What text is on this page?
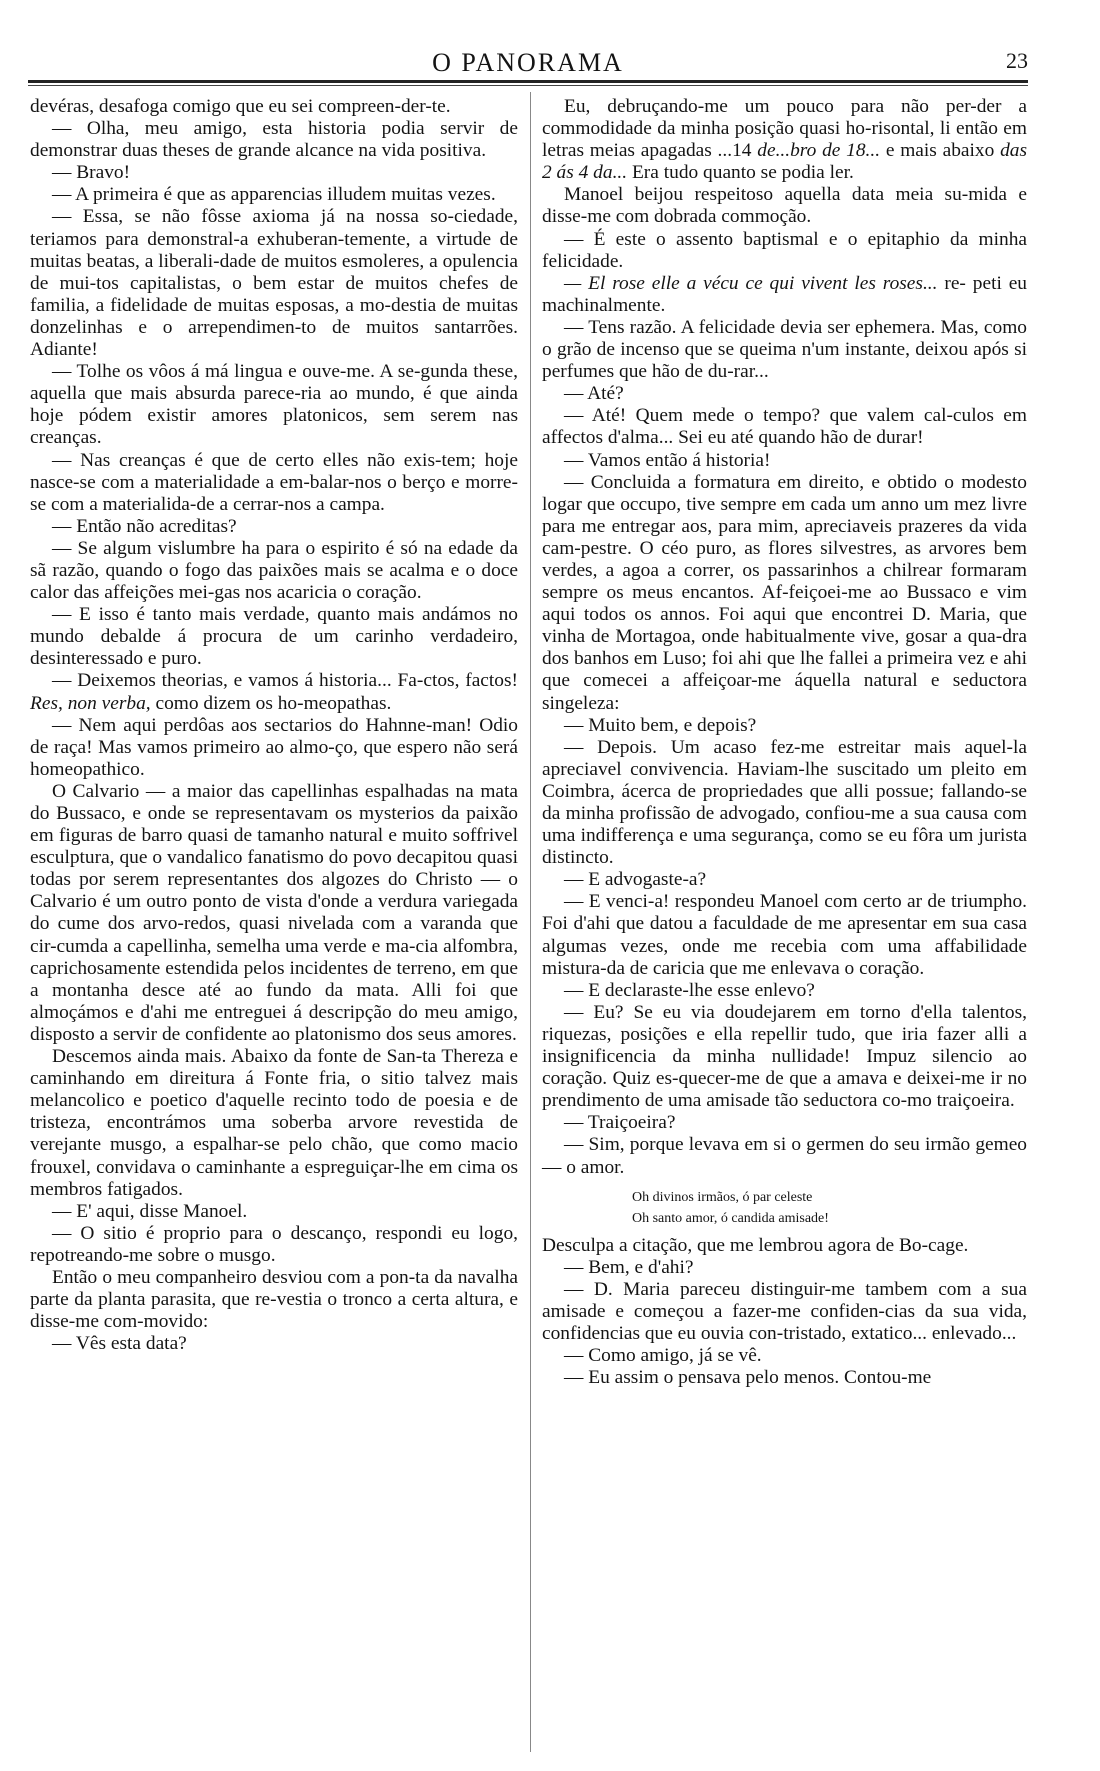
O PANORAMA	23

devéras, desafoga comigo que eu sei compreen-der-te.

— Olha, meu amigo, esta historia podia servir de demonstrar duas theses de grande alcance na vida positiva.

— Bravo!

— A primeira é que as apparencias illudem muitas vezes.

— Essa, se não fôsse axioma já na nossa so-ciedade, teriamos para demonstral-a exhuberan-temente, a virtude de muitas beatas, a liberali-dade de muitos esmoleres, a opulencia de mui-tos capitalistas, o bem estar de muitos chefes de familia, a fidelidade de muitas esposas, a mo-destia de muitas donzelinhas e o arrependimen-to de muitos santarrões. Adiante!

— Tolhe os vôos á má lingua e ouve-me. A se-gunda these, aquella que mais absurda parece-ria ao mundo, é que ainda hoje pódem existir amores platonicos, sem serem nas creanças.

— Nas creanças é que de certo elles não exis-tem; hoje nasce-se com a materialidade a em-balar-nos o berço e morre-se com a materialida-de a cerrar-nos a campa.

— Então não acreditas?

— Se algum vislumbre ha para o espirito é só na edade da sã razão, quando o fogo das paixões mais se acalma e o doce calor das affeições mei-gas nos acaricia o coração.

— E isso é tanto mais verdade, quanto mais andámos no mundo debalde á procura de um carinho verdadeiro, desinteressado e puro.

— Deixemos theorias, e vamos á historia... Fa-ctos, factos! Res, non verba, como dizem os ho-meopathas.

— Nem aqui perdôas aos sectarios do Hahnne-man! Odio de raça! Mas vamos primeiro ao almo-ço, que espero não será homeopathico.

O Calvario — a maior das capellinhas espalhadas na mata do Bussaco, e onde se representavam os mysterios da paixão em figuras de barro quasi de tamanho natural e muito soffrivel esculptura, que o vandalico fanatismo do povo decapitou quasi todas por serem representantes dos algozes do Christo — o Calvario é um outro ponto de vista d'onde a verdura variegada do cume dos arvo-redos, quasi nivelada com a varanda que cir-cumda a capellinha, semelha uma verde e ma-cia alfombra, caprichosamente estendida pelos incidentes de terreno, em que a montanha desce até ao fundo da mata. Alli foi que almoçámos e d'ahi me entreguei á descripção do meu amigo, disposto a servir de confidente ao platonismo dos seus amores.

Descemos ainda mais. Abaixo da fonte de San-ta Thereza e caminhando em direitura á Fonte fria, o sitio talvez mais melancolico e poetico d'aquelle recinto todo de poesia e de tristeza, encontrámos uma soberba arvore revestida de verejante musgo, a espalhar-se pelo chão, que como macio frouxel, convidava o caminhante a espreguiçar-lhe em cima os membros fatigados.

— E' aqui, disse Manoel.

— O sitio é proprio para o descanço, respondi eu logo, repotreando-me sobre o musgo.

Então o meu companheiro desviou com a pon-ta da navalha parte da planta parasita, que re-vestia o tronco a certa altura, e disse-me com-movido:

— Vês esta data?

Eu, debruçando-me um pouco para não per-der a commodidade da minha posição quasi ho-risontal, li então em letras meias apagadas ...14 de...bro de 18... e mais abaixo das 2 ás 4 da... Era tudo quanto se podia ler.

Manoel beijou respeitoso aquella data meia su-mida e disse-me com dobrada commoção.

— É este o assento baptismal e o epitaphio da minha felicidade.

— El rose elle a vécu ce qui vivent les roses... re- peti eu machinalmente.

— Tens razão. A felicidade devia ser ephemera. Mas, como o grão de incenso que se queima n'um instante, deixou após si perfumes que hão de du-rar...

— Até?

— Até! Quem mede o tempo? que valem cal-culos em affectos d'alma... Sei eu até quando hão de durar!

— Vamos então á historia!

— Concluida a formatura em direito, e obtido o modesto logar que occupo, tive sempre em cada um anno um mez livre para me entregar aos, para mim, apreciaveis prazeres da vida cam-pestre. O céo puro, as flores silvestres, as arvores bem verdes, a agoa a correr, os passarinhos a chilrear formaram sempre os meus encantos. Af-feiçoei-me ao Bussaco e vim aqui todos os annos. Foi aqui que encontrei D. Maria, que vinha de Mortagoa, onde habitualmente vive, gosar a qua-dra dos banhos em Luso; foi ahi que lhe fallei a primeira vez e ahi que comecei a affeiçoar-me áquella natural e seductora singeleza:

— Muito bem, e depois?

— Depois. Um acaso fez-me estreitar mais aquel-la apreciavel convivencia. Haviam-lhe suscitado um pleito em Coimbra, ácerca de propriedades que alli possue; fallando-se da minha profissão de advogado, confiou-me a sua causa com uma indifferença e uma segurança, como se eu fôra um jurista distincto.

— E advogaste-a?

— E venci-a! respondeu Manoel com certo ar de triumpho. Foi d'ahi que datou a faculdade de me apresentar em sua casa algumas vezes, onde me recebia com uma affabilidade mistura-da de caricia que me enlevava o coração.

— E declaraste-lhe esse enlevo?

— Eu? Se eu via doudejarem em torno d'ella talentos, riquezas, posições e ella repellir tudo, que iria fazer alli a insignificencia da minha nullidade! Impuz silencio ao coração. Quiz es-quecer-me de que a amava e deixei-me ir no prendimento de uma amisade tão seductora co-mo traiçoeira.

— Traiçoeira?

— Sim, porque levava em si o germen do seu irmão gemeo — o amor.

Oh divinos irmãos, ó par celeste
Oh santo amor, ó candida amisade!

Desculpa a citação, que me lembrou agora de Bo-cage.

— Bem, e d'ahi?

— D. Maria pareceu distinguir-me tambem com a sua amisade e começou a fazer-me confiden-cias da sua vida, confidencias que eu ouvia con-tristado, extatico... enlevado...

— Como amigo, já se vê.

— Eu assim o pensava pelo menos. Contou-me
